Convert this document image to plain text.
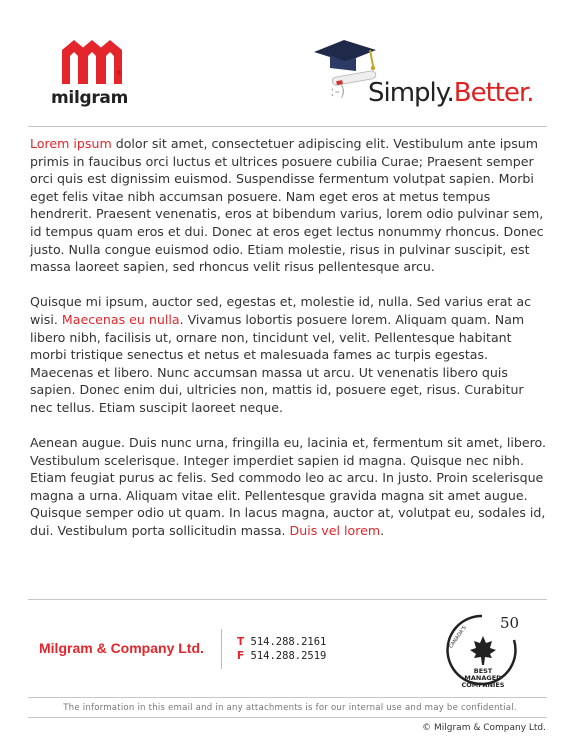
®
milgram	:-) Simply.Better.

Lorem ipsum dolor sit amet, consectetuer adipiscing elit. Vestibulum ante ipsum primis in faucibus orci luctus et ultrices posuere cubilia Curae; Praesent semper orci quis est dignissim euismod. Suspendisse fermentum volutpat sapien. Morbi eget felis vitae nibh accumsan posuere. Nam eget eros at metus tempus hendrerit. Praesent venenatis, eros at bibendum varius, lorem odio pulvinar sem, id tempus quam eros et dui. Donec at eros eget lectus nonummy rhoncus. Donec justo. Nulla congue euismod odio. Etiam molestie, risus in pulvinar suscipit, est massa laoreet sapien, sed rhoncus velit risus pellentesque arcu.

Quisque mi ipsum, auctor sed, egestas et, molestie id, nulla. Sed varius erat ac wisi. Maecenas eu nulla. Vivamus lobortis posuere lorem. Aliquam quam. Nam libero nibh, facilisis ut, ornare non, tincidunt vel, velit. Pellentesque habitant morbi tristique senectus et netus et malesuada fames ac turpis egestas. Maecenas et libero. Nunc accumsan massa ut arcu. Ut venenatis libero quis sapien. Donec enim dui, ultricies non, mattis id, posuere eget, risus. Curabitur nec tellus. Etiam suscipit laoreet neque.

Aenean augue. Duis nunc urna, fringilla eu, lacinia et, fermentum sit amet, libero. Vestibulum scelerisque. Integer imperdiet sapien id magna. Quisque nec nibh. Etiam feugiat purus ac felis. Sed commodo leo ac arcu. In justo. Proin scelerisque magna a urna. Aliquam vitae elit. Pellentesque gravida magna sit amet augue. Quisque semper odio ut quam. In lacus magna, auctor at, volutpat eu, sodales id, dui. Vestibulum porta sollicitudin massa. Duis vel lorem.

Milgram & Company Ltd.	T 514.288.2161
F 514.288.2519
50
CANADA'S
BEST
MANAGED
COMPANIES
The information in this email and in any attachments is for our internal use and may be confidential.
© Milgram & Company Ltd.
